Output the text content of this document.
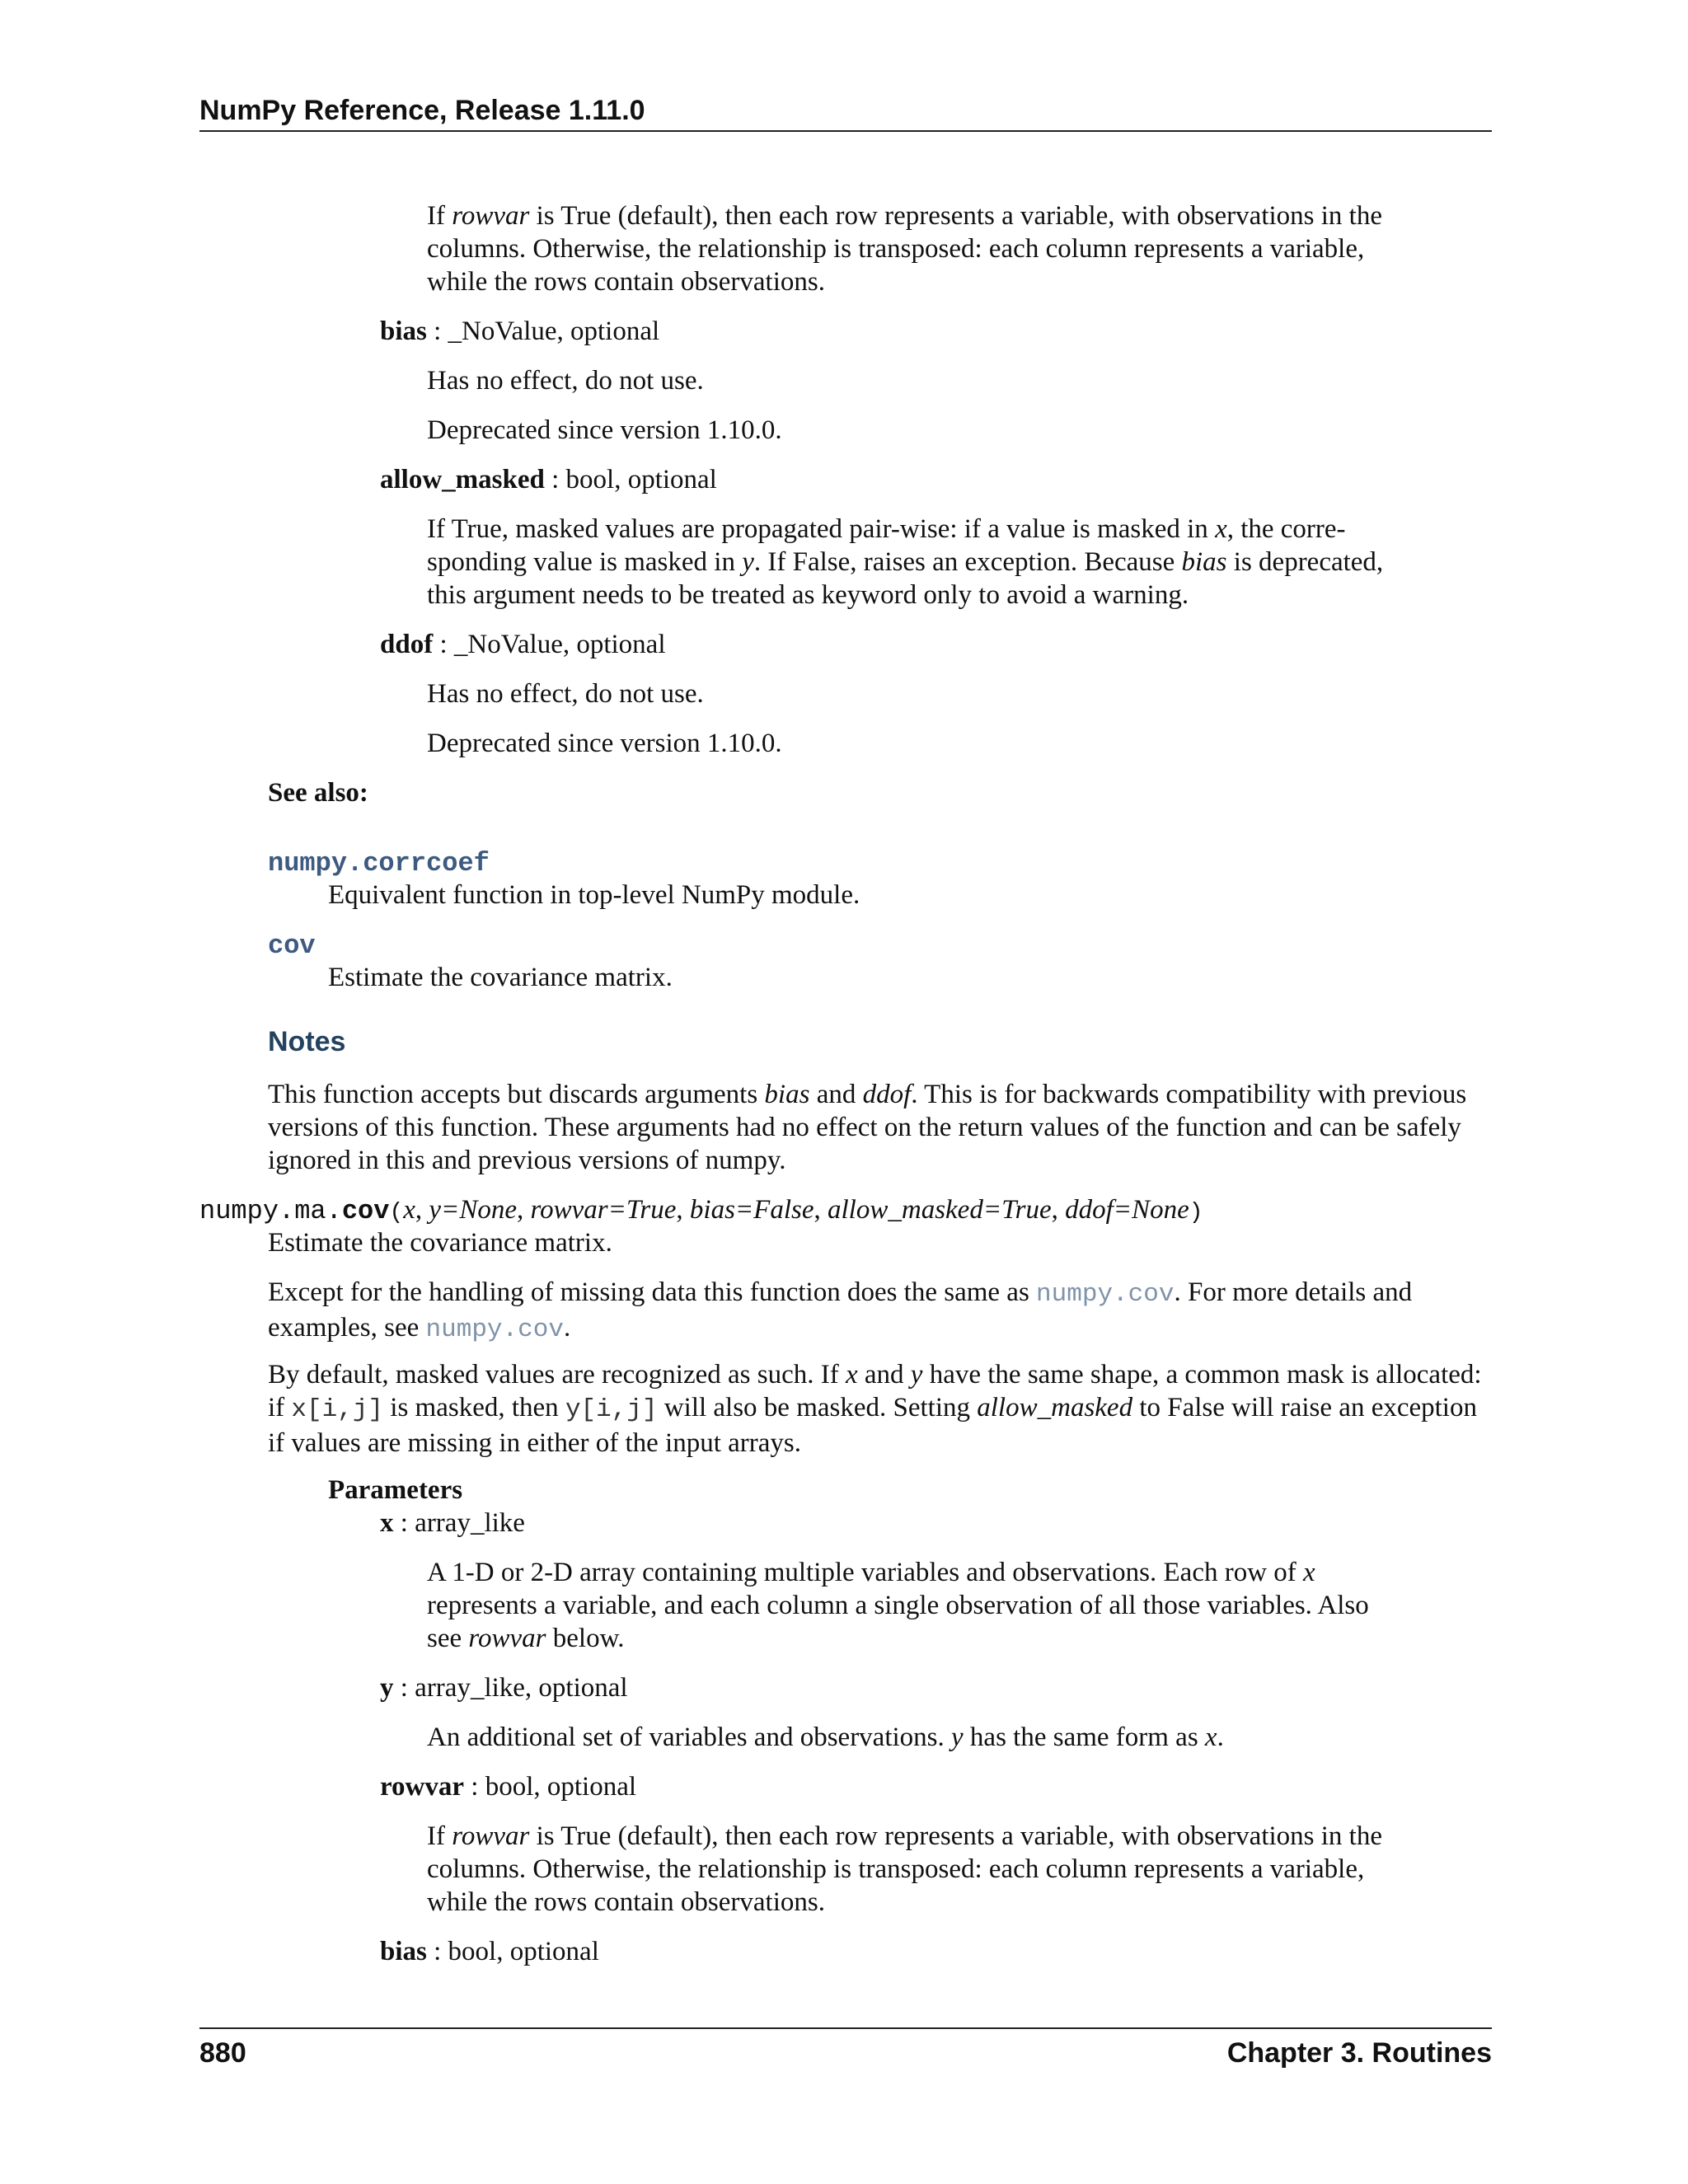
NumPy Reference, Release 1.11.0

If rowvar is True (default), then each row represents a variable, with observations in the

columns. Otherwise, the relationship is transposed: each column represents a variable,

while the rows contain observations.

bias : _NoValue, optional
Has no effect, do not use.
Deprecated since version 1.10.0.
allow_masked : bool, optional

If True, masked values are propagated pair-wise: if a value is masked in x, the corre-

sponding value is masked in y. If False, raises an exception. Because bias is deprecated,

this argument needs to be treated as keyword only to avoid a warning.

ddof : _NoValue, optional
Has no effect, do not use.
Deprecated since version 1.10.0.
See also:
numpy.corrcoef
Equivalent function in top-level NumPy module.
cov
Estimate the covariance matrix.
Notes

This function accepts but discards arguments bias and ddof. This is for backwards compatibility with previous

versions of this function. These arguments had no effect on the return values of the function and can be safely

ignored in this and previous versions of numpy.

numpy.ma.cov(x, y=None, rowvar=True, bias=False, allow_masked=True, ddof=None)
Estimate the covariance matrix.

Except for the handling of missing data this function does the same as numpy.cov. For more details and

examples, see numpy.cov.

By default, masked values are recognized as such. If x and y have the same shape, a common mask is allocated:

if x[i,j] is masked, then y[i,j] will also be masked. Setting allow_masked to False will raise an exception

if values are missing in either of the input arrays.

Parameters
x : array_like

A 1-D or 2-D array containing multiple variables and observations. Each row of x

represents a variable, and each column a single observation of all those variables. Also

see rowvar below.

y : array_like, optional

An additional set of variables and observations. y has the same form as x.

rowvar : bool, optional

If rowvar is True (default), then each row represents a variable, with observations in the

columns. Otherwise, the relationship is transposed: each column represents a variable,

while the rows contain observations.

bias : bool, optional
880	Chapter 3. Routines
